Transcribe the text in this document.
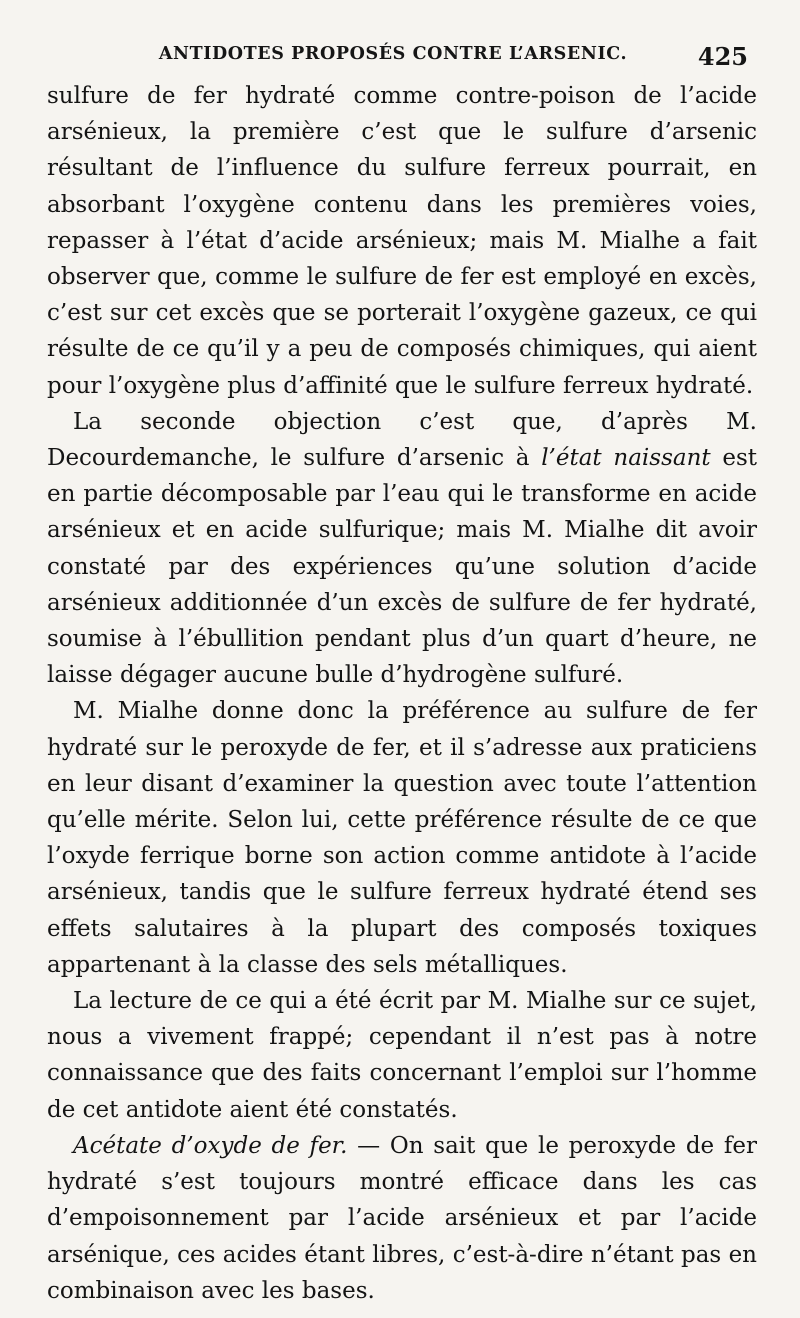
ANTIDOTES PROPOSÉS CONTRE L’ARSENIC.	425

sulfure de fer hydraté comme contre-poison de l’acide arsénieux, la première c’est que le sulfure d’arsenic résultant de l’influence du sulfure ferreux pourrait, en absorbant l’oxygène contenu dans les premières voies, repasser à l’état d’acide arsénieux; mais M. Mialhe a fait observer que, comme le sulfure de fer est employé en excès, c’est sur cet excès que se porterait l’oxygène gazeux, ce qui résulte de ce qu’il y a peu de composés chimiques, qui aient pour l’oxygène plus d’affinité que le sulfure ferreux hydraté.

La seconde objection c’est que, d’après M. Decourdemanche, le sulfure d’arsenic à l’état naissant est en partie décomposable par l’eau qui le transforme en acide arsénieux et en acide sulfurique; mais M. Mialhe dit avoir constaté par des expériences qu’une solution d’acide arsénieux additionnée d’un excès de sulfure de fer hydraté, soumise à l’ébullition pendant plus d’un quart d’heure, ne laisse dégager aucune bulle d’hydrogène sulfuré.

M. Mialhe donne donc la préférence au sulfure de fer hydraté sur le peroxyde de fer, et il s’adresse aux praticiens en leur disant d’examiner la question avec toute l’attention qu’elle mérite. Selon lui, cette préférence résulte de ce que l’oxyde ferrique borne son action comme antidote à l’acide arsénieux, tandis que le sulfure ferreux hydraté étend ses effets salutaires à la plupart des composés toxiques appartenant à la classe des sels métalliques.

La lecture de ce qui a été écrit par M. Mialhe sur ce sujet, nous a vivement frappé; cependant il n’est pas à notre connaissance que des faits concernant l’emploi sur l’homme de cet antidote aient été constatés.

Acétate d’oxyde de fer. — On sait que le peroxyde de fer hydraté s’est toujours montré efficace dans les cas d’empoisonnement par l’acide arsénieux et par l’acide arsénique, ces acides étant libres, c’est-à-dire n’étant pas en combinaison avec les bases.
